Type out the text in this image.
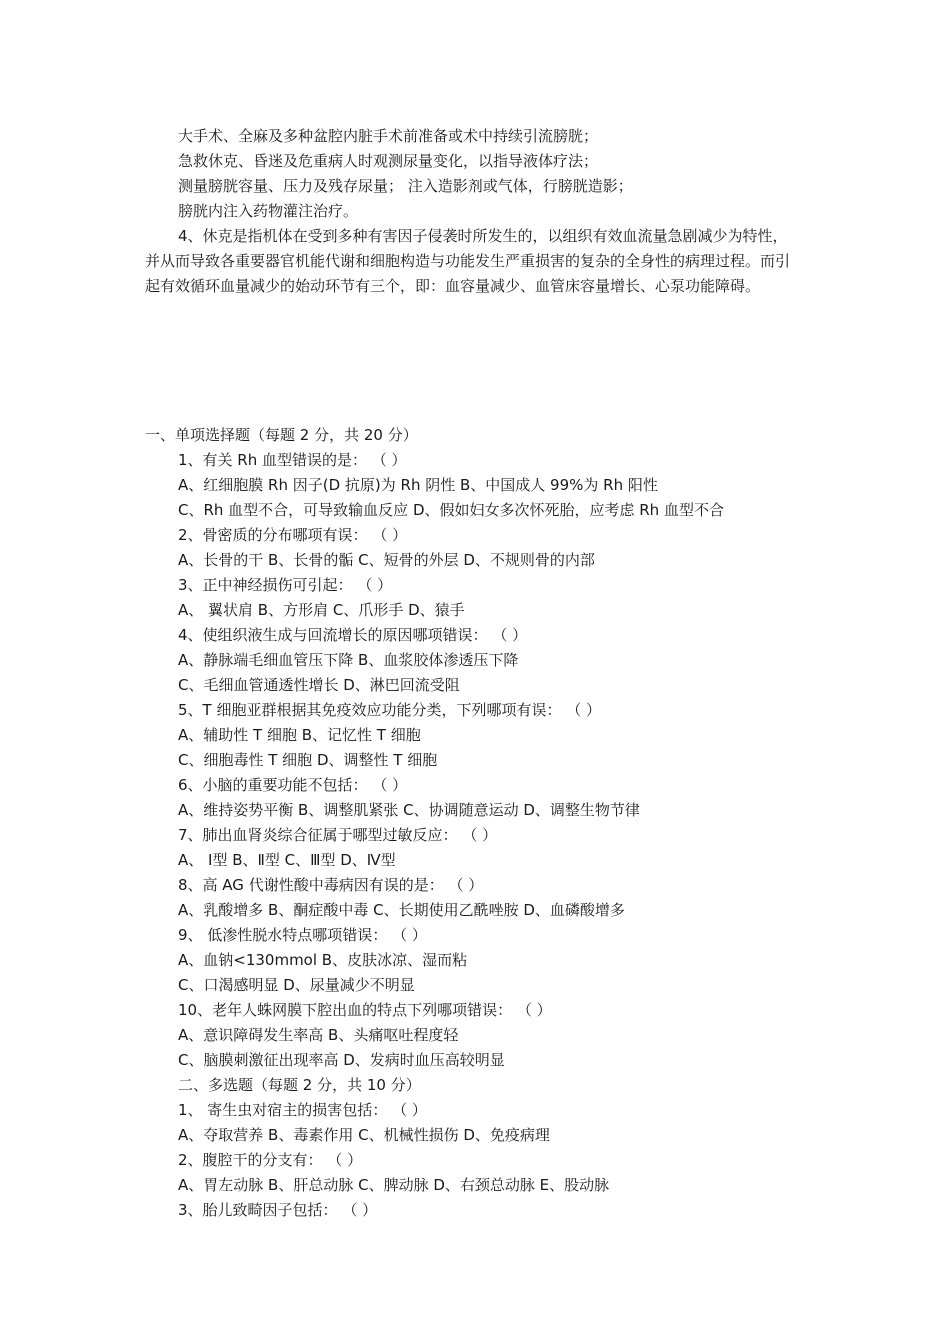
大手术、全麻及多种盆腔内脏手术前准备或术中持续引流膀胱；
急救休克、昏迷及危重病人时观测尿量变化，以指导液体疗法；
测量膀胱容量、压力及残存尿量； 注入造影剂或气体，行膀胱造影；
膀胱内注入药物灌注治疗。
4、休克是指机体在受到多种有害因子侵袭时所发生的，以组织有效血流量急剧减少为特性，并从而导致各重要器官机能代谢和细胞构造与功能发生严重损害的复杂的全身性的病理过程。而引起有效循环血量减少的始动环节有三个，即：血容量减少、血管床容量增长、心泵功能障碍。
一、单项选择题（每题 2 分，共 20 分）
1、有关 Rh 血型错误的是： （ ）
A、红细胞膜 Rh 因子(D 抗原)为 Rh 阴性 B、中国成人 99%为 Rh 阳性
C、Rh 血型不合，可导致输血反应 D、假如妇女多次怀死胎，应考虑 Rh 血型不合
2、骨密质的分布哪项有误： （ ）
A、长骨的干 B、长骨的骺 C、短骨的外层 D、不规则骨的内部
3、正中神经损伤可引起： （ ）
A、 翼状肩 B、方形肩 C、爪形手 D、猿手
4、使组织液生成与回流增长的原因哪项错误： （ ）
A、静脉端毛细血管压下降 B、血浆胶体渗透压下降
C、毛细血管通透性增长 D、淋巴回流受阻
5、T 细胞亚群根据其免疫效应功能分类，下列哪项有误： （ ）
A、辅助性 T 细胞 B、记忆性 T 细胞
C、细胞毒性 T 细胞 D、调整性 T 细胞
6、小脑的重要功能不包括： （ ）
A、维持姿势平衡 B、调整肌紧张 C、协调随意运动 D、调整生物节律
7、肺出血肾炎综合征属于哪型过敏反应： （ ）
A、 Ⅰ型 B、Ⅱ型 C、Ⅲ型 D、Ⅳ型
8、高 AG 代谢性酸中毒病因有误的是： （ ）
A、乳酸增多 B、酮症酸中毒 C、长期使用乙酰唑胺 D、血磷酸增多
9、 低渗性脱水特点哪项错误： （ ）
A、血钠<130mmol B、皮肤冰凉、湿而粘
C、口渴感明显 D、尿量减少不明显
10、老年人蛛网膜下腔出血的特点下列哪项错误： （ ）
A、意识障碍发生率高 B、头痛呕吐程度轻
C、脑膜刺激征出现率高 D、发病时血压高较明显
二、多选题（每题 2 分，共 10 分）
1、 寄生虫对宿主的损害包括： （ ）
A、夺取营养 B、毒素作用 C、机械性损伤 D、免疫病理
2、腹腔干的分支有： （ ）
A、胃左动脉 B、肝总动脉 C、脾动脉 D、右颈总动脉 E、股动脉
3、胎儿致畸因子包括： （ ）
